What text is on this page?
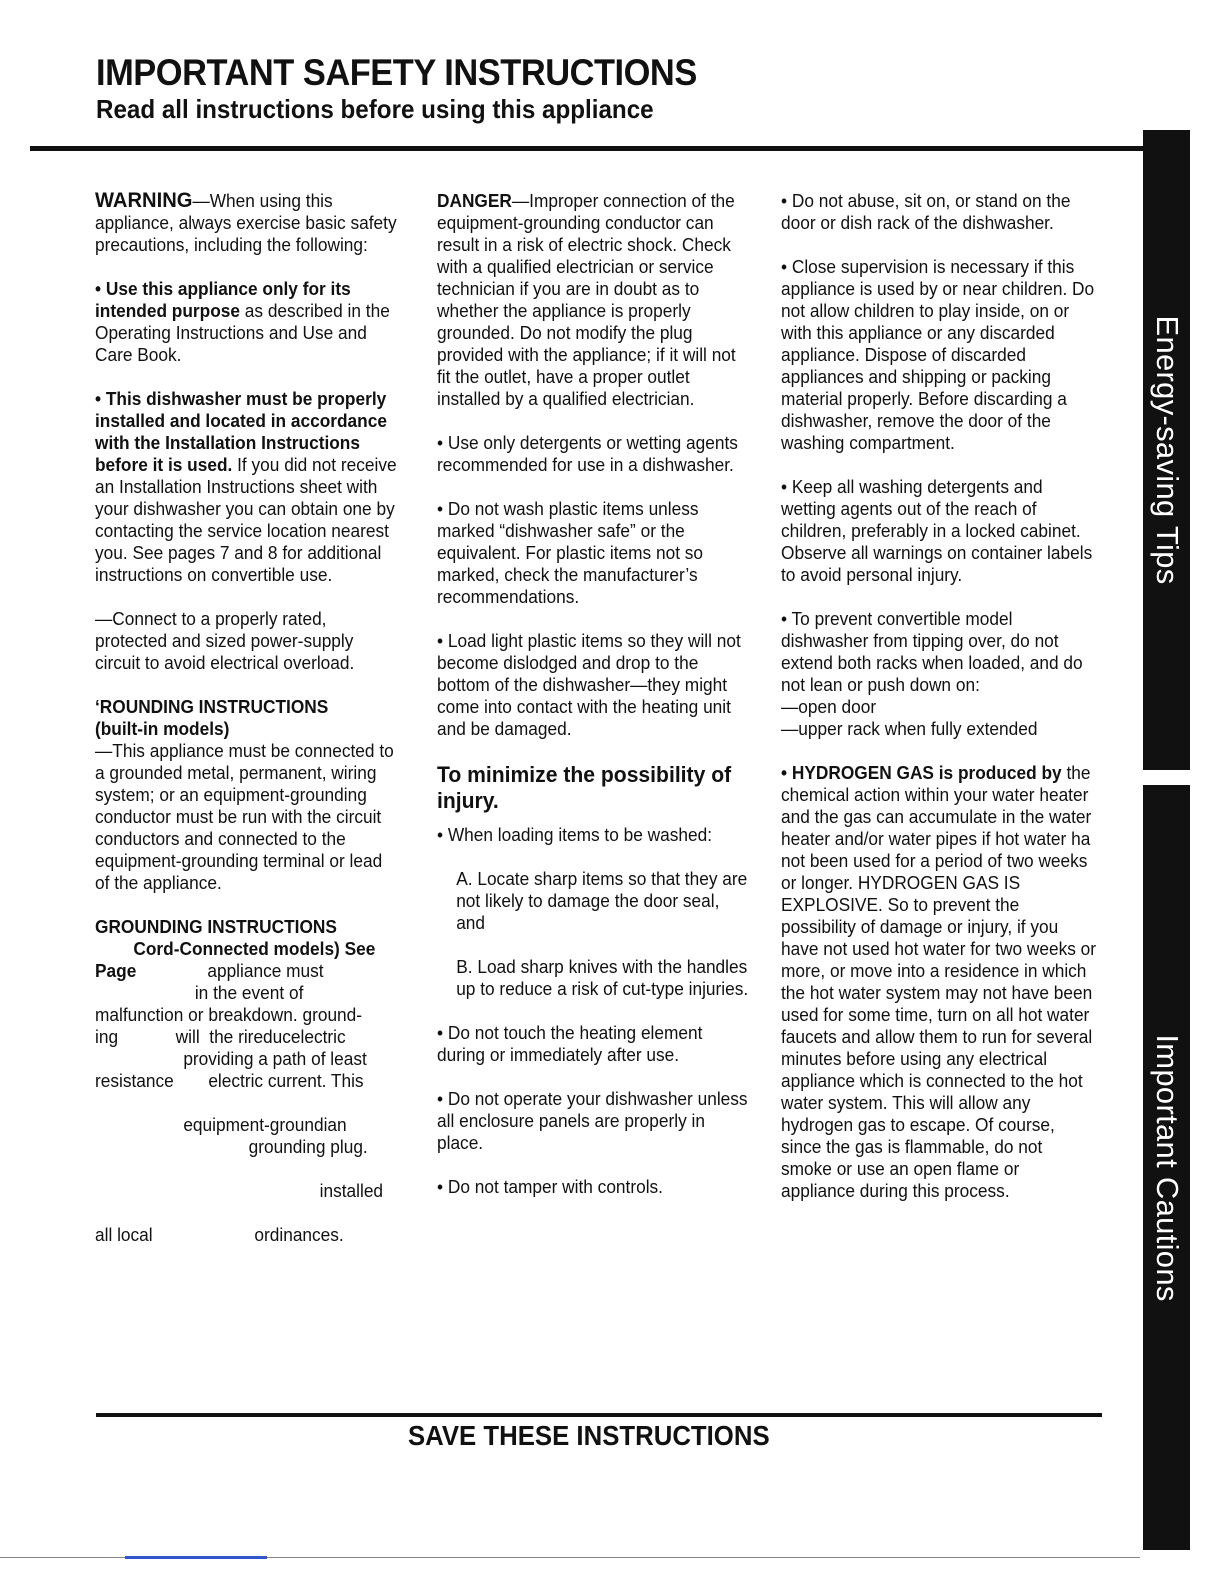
IMPORTANT SAFETY INSTRUCTIONS
Read all instructions before using this appliance
Energy-saving Tips
Important Cautions

WARNING—When using this appliance, always exercise basic safety precautions, including the following:

• Use this appliance only for its intended purpose as described in the Operating Instructions and Use and Care Book.

• This dishwasher must be properly installed and located in accordance with the Installation Instructions before it is used. If you did not receive an Installation Instructions sheet with your dishwasher you can obtain one by contacting the service location nearest you. See pages 7 and 8 for additional instructions on convertible use.

—Connect to a properly rated, protected and sized power-supply circuit to avoid electrical overload.

‘ROUNDING INSTRUCTIONS
(built-in models)
—This appliance must be connected to a grounded metal, permanent, wiring system; or an equipment-grounding conductor must be run with the circuit conductors and connected to the equipment-grounding terminal or lead of the appliance.
GROUNDING INSTRUCTIONS
Cord-Connected models) See
Page	appliance must
in the event of
malfunction or breakdown. ground-
ing	will  the rireducelectric
providing a path of least
resistance electric current. This
equipment-groundian
grounding plug.
installed
all local	ordinances.

DANGER—Improper connection of the equipment-grounding conductor can result in a risk of electric shock. Check with a qualified electrician or service technician if you are in doubt as to whether the appliance is properly grounded. Do not modify the plug provided with the appliance; if it will not fit the outlet, have a proper outlet installed by a qualified electrician.

• Use only detergents or wetting agents recommended for use in a dishwasher.

• Do not wash plastic items unless marked “dishwasher safe” or the equivalent. For plastic items not so marked, check the manufacturer’s recommendations.

• Load light plastic items so they will not become dislodged and drop to the bottom of the dishwasher—they might come into contact with the heating unit and be damaged.

To minimize the possibility of injury.

• When loading items to be washed:

A. Locate sharp items so that they are not likely to damage the door seal, and

B. Load sharp knives with the handles up to reduce a risk of cut-type injuries.

• Do not touch the heating element during or immediately after use.

• Do not operate your dishwasher unless all enclosure panels are properly in place.

• Do not tamper with controls.

• Do not abuse, sit on, or stand on the door or dish rack of the dishwasher.

• Close supervision is necessary if this appliance is used by or near children. Do not allow children to play inside, on or with this appliance or any discarded appliance. Dispose of discarded appliances and shipping or packing material properly. Before discarding a dishwasher, remove the door of the washing compartment.

• Keep all washing detergents and wetting agents out of the reach of children, preferably in a locked cabinet. Observe all warnings on container labels to avoid personal injury.

• To prevent convertible model dishwasher from tipping over, do not extend both racks when loaded, and do not lean or push down on:
—open door
—upper rack when fully extended

• HYDROGEN GAS is produced by the chemical action within your water heater and the gas can accumulate in the water heater and/or water pipes if hot water ha not been used for a period of two weeks or longer. HYDROGEN GAS IS EXPLOSIVE. So to prevent the possibility of damage or injury, if you have not used hot water for two weeks or more, or move into a residence in which the hot water system may not have been used for some time, turn on all hot water faucets and allow them to run for several minutes before using any electrical appliance which is connected to the hot water system. This will allow any hydrogen gas to escape. Of course, since the gas is flammable, do not smoke or use an open flame or appliance during this process.

SAVE THESE INSTRUCTIONS
